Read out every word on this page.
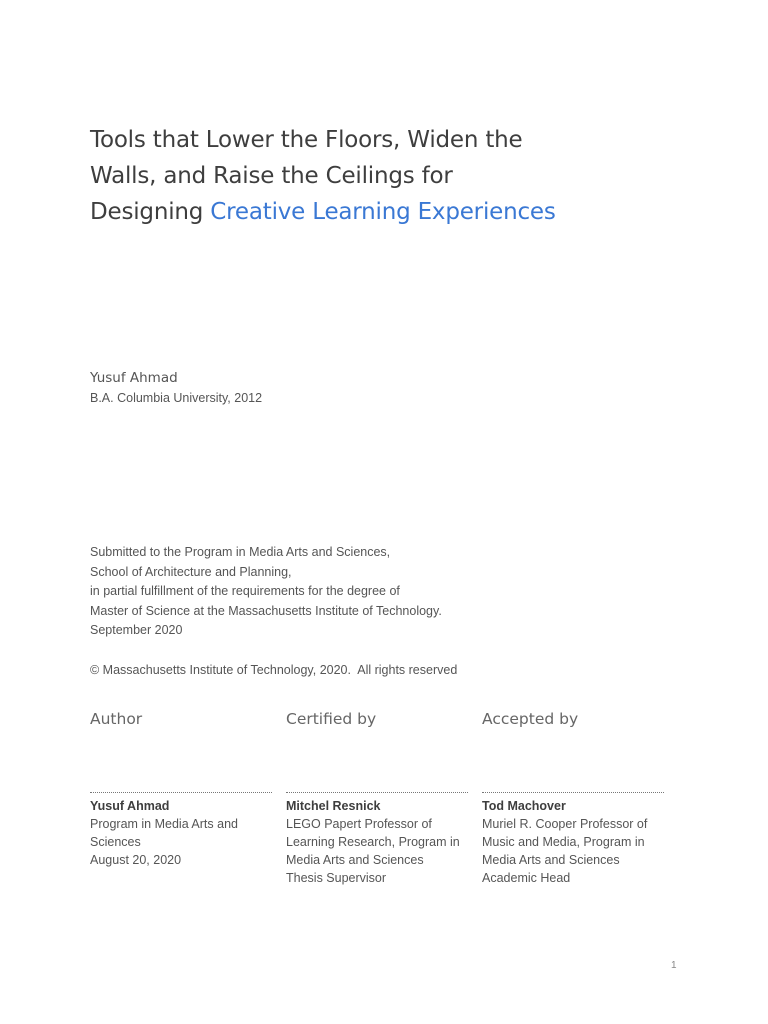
Tools that Lower the Floors, Widen the
Walls, and Raise the Ceilings for
Designing Creative Learning Experiences
Yusuf Ahmad
B.A. Columbia University, 2012
Submitted to the Program in Media Arts and Sciences,
School of Architecture and Planning,
in partial fulfillment of the requirements for the degree of
Master of Science at the Massachusetts Institute of Technology.
September 2020
© Massachusetts Institute of Technology, 2020.  All rights reserved
Author
Yusuf Ahmad
Program in Media Arts and
Sciences
August 20, 2020
Certified by
Mitchel Resnick
LEGO Papert Professor of
Learning Research, Program in
Media Arts and Sciences
Thesis Supervisor
Accepted by
Tod Machover
Muriel R. Cooper Professor of
Music and Media, Program in
Media Arts and Sciences
Academic Head
1
